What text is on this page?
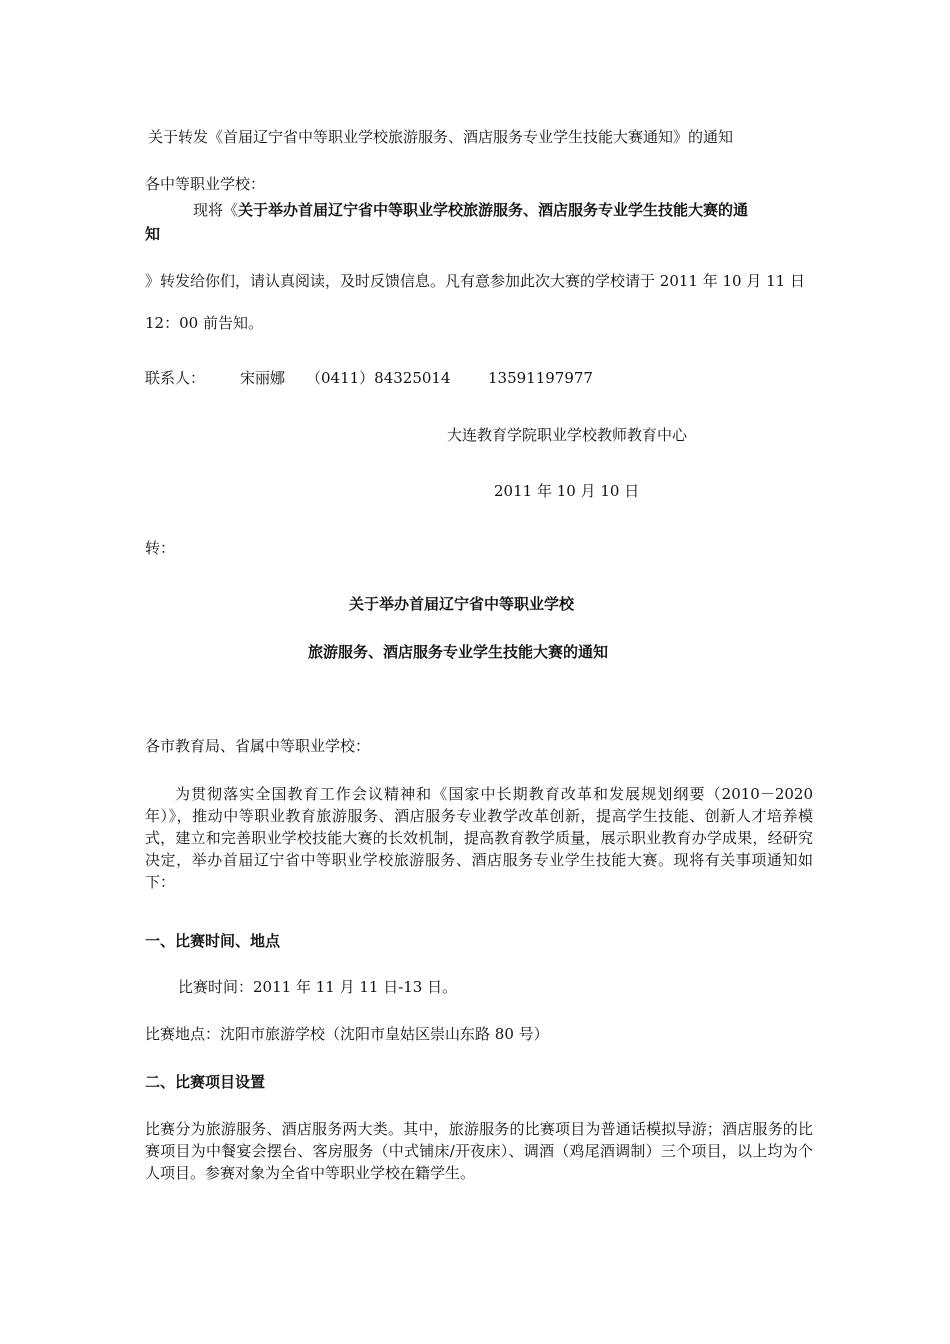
关于转发《首届辽宁省中等职业学校旅游服务、酒店服务专业学生技能大赛通知》的通知

各中等职业学校：

现将《关于举办首届辽宁省中等职业学校旅游服务、酒店服务专业学生技能大赛的通

知

》转发给你们，请认真阅读，及时反馈信息。凡有意参加此次大赛的学校请于 2011 年 10 月 11 日

12：00 前告知。

联系人： 宋丽娜 （0411）84325014 13591197977

大连教育学院职业学校教师教育中心

2011 年 10 月 10 日

转：

关于举办首届辽宁省中等职业学校

旅游服务、酒店服务专业学生技能大赛的通知

各市教育局、省属中等职业学校：

为贯彻落实全国教育工作会议精神和《国家中长期教育改革和发展规划纲要（2010－2020 年）》，推动中等职业教育旅游服务、酒店服务专业教学改革创新，提高学生技能、创新人才培养模式，建立和完善职业学校技能大赛的长效机制，提高教育教学质量，展示职业教育办学成果，经研究决定，举办首届辽宁省中等职业学校旅游服务、酒店服务专业学生技能大赛。现将有关事项通知如下：

一、比赛时间、地点

比赛时间：2011 年 11 月 11 日-13 日。

比赛地点：沈阳市旅游学校（沈阳市皇姑区崇山东路 80 号）

二、比赛项目设置

比赛分为旅游服务、酒店服务两大类。其中，旅游服务的比赛项目为普通话模拟导游；酒店服务的比赛项目为中餐宴会摆台、客房服务（中式铺床/开夜床）、调酒（鸡尾酒调制）三个项目，以上均为个人项目。参赛对象为全省中等职业学校在籍学生。
